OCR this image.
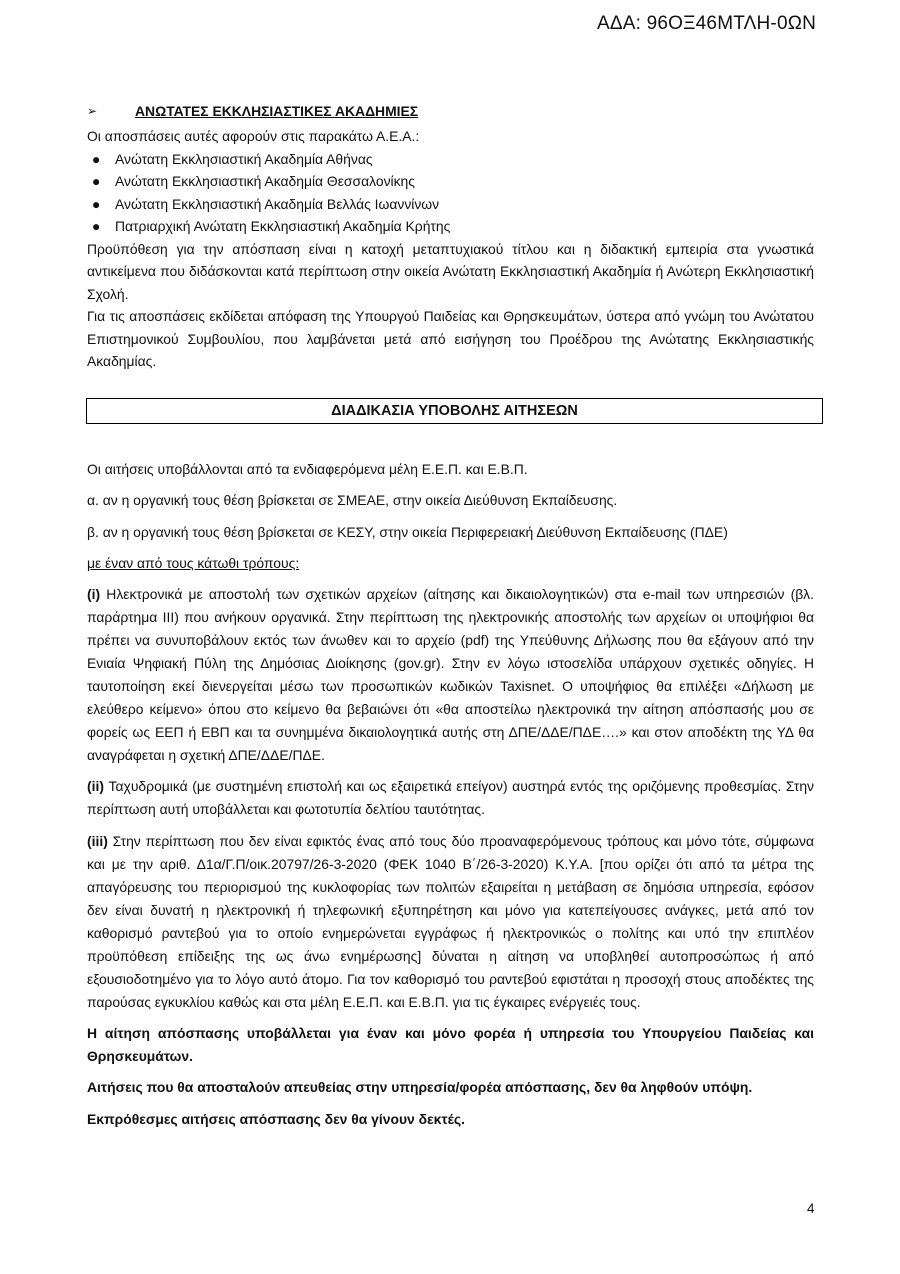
ΑΔΑ: 96ΟΞ46ΜΤΛΗ-0ΩΝ
➢	ΑΝΩΤΑΤΕΣ ΕΚΚΛΗΣΙΑΣΤΙΚΕΣ ΑΚΑΔΗΜΙΕΣ

Οι αποσπάσεις αυτές αφορούν στις παρακάτω Α.Ε.Α.:

● Ανώτατη Εκκλησιαστική Ακαδημία Αθήνας
● Ανώτατη Εκκλησιαστική Ακαδημία Θεσσαλονίκης
● Ανώτατη Εκκλησιαστική Ακαδημία Βελλάς Ιωαννίνων
● Πατριαρχική Ανώτατη Εκκλησιαστική Ακαδημία Κρήτης

Προϋπόθεση για την απόσπαση είναι η κατοχή μεταπτυχιακού τίτλου και η διδακτική εμπειρία στα γνωστικά αντικείμενα που διδάσκονται κατά περίπτωση στην οικεία Ανώτατη Εκκλησιαστική Ακαδημία ή Ανώτερη Εκκλησιαστική Σχολή.

Για τις αποσπάσεις εκδίδεται απόφαση της Υπουργού Παιδείας και Θρησκευμάτων, ύστερα από γνώμη του Ανώτατου Επιστημονικού Συμβουλίου, που λαμβάνεται μετά από εισήγηση του Προέδρου της Ανώτατης Εκκλησιαστικής Ακαδημίας.

ΔΙΑΔΙΚΑΣΙΑ ΥΠΟΒΟΛΗΣ ΑΙΤΗΣΕΩΝ

Οι αιτήσεις υποβάλλονται από τα ενδιαφερόμενα μέλη Ε.Ε.Π. και Ε.Β.Π.

α. αν η οργανική τους θέση βρίσκεται σε ΣΜΕΑΕ, στην οικεία Διεύθυνση Εκπαίδευσης.

β. αν η οργανική τους θέση βρίσκεται σε ΚΕΣΥ, στην οικεία Περιφερειακή Διεύθυνση Εκπαίδευσης (ΠΔΕ)

με έναν από τους κάτωθι τρόπους:

(i) Ηλεκτρονικά με αποστολή των σχετικών αρχείων (αίτησης και δικαιολογητικών) στα e-mail των υπηρεσιών (βλ. παράρτημα ΙΙΙ) που ανήκουν οργανικά. Στην περίπτωση της ηλεκτρονικής αποστολής των αρχείων οι υποψήφιοι θα πρέπει να συνυποβάλουν εκτός των άνωθεν και το αρχείο (pdf) της Υπεύθυνης Δήλωσης που θα εξάγουν από την Ενιαία Ψηφιακή Πύλη της Δημόσιας Διοίκησης (gov.gr). Στην εν λόγω ιστοσελίδα υπάρχουν σχετικές οδηγίες. Η ταυτοποίηση εκεί διενεργείται μέσω των προσωπικών κωδικών Taxisnet. Ο υποψήφιος θα επιλέξει «Δήλωση με ελεύθερο κείμενο» όπου στο κείμενο θα βεβαιώνει ότι «θα αποστείλω ηλεκτρονικά την αίτηση απόσπασής μου σε φορείς ως ΕΕΠ ή ΕΒΠ και τα συνημμένα δικαιολογητικά αυτής στη ΔΠΕ/ΔΔΕ/ΠΔΕ….» και στον αποδέκτη της ΥΔ θα αναγράφεται η σχετική ΔΠΕ/ΔΔΕ/ΠΔΕ.

(ii) Ταχυδρομικά (με συστημένη επιστολή και ως εξαιρετικά επείγον) αυστηρά εντός της οριζόμενης προθεσμίας. Στην περίπτωση αυτή υποβάλλεται και φωτοτυπία δελτίου ταυτότητας.

(iii) Στην περίπτωση που δεν είναι εφικτός ένας από τους δύο προαναφερόμενους τρόπους και μόνο τότε, σύμφωνα και με την αριθ. Δ1α/Γ.Π/οικ.20797/26-3-2020 (ΦΕΚ 1040 Β΄/26-3-2020) Κ.Υ.Α. [που ορίζει ότι από τα μέτρα της απαγόρευσης του περιορισμού της κυκλοφορίας των πολιτών εξαιρείται η μετάβαση σε δημόσια υπηρεσία, εφόσον δεν είναι δυνατή η ηλεκτρονική ή τηλεφωνική εξυπηρέτηση και μόνο για κατεπείγουσες ανάγκες, μετά από τον καθορισμό ραντεβού για το οποίο ενημερώνεται εγγράφως ή ηλεκτρονικώς ο πολίτης και υπό την επιπλέον προϋπόθεση επίδειξης της ως άνω ενημέρωσης] δύναται η αίτηση να υποβληθεί αυτοπροσώπως ή από εξουσιοδοτημένο για το λόγο αυτό άτομο. Για τον καθορισμό του ραντεβού εφιστάται η προσοχή στους αποδέκτες της παρούσας εγκυκλίου καθώς και στα μέλη Ε.Ε.Π. και Ε.Β.Π. για τις έγκαιρες ενέργειές τους.

Η αίτηση απόσπασης υποβάλλεται για έναν και μόνο φορέα ή υπηρεσία του Υπουργείου Παιδείας και Θρησκευμάτων.

Αιτήσεις που θα αποσταλούν απευθείας στην υπηρεσία/φορέα απόσπασης, δεν θα ληφθούν υπόψη.

Εκπρόθεσμες αιτήσεις απόσπασης δεν θα γίνουν δεκτές.

4
